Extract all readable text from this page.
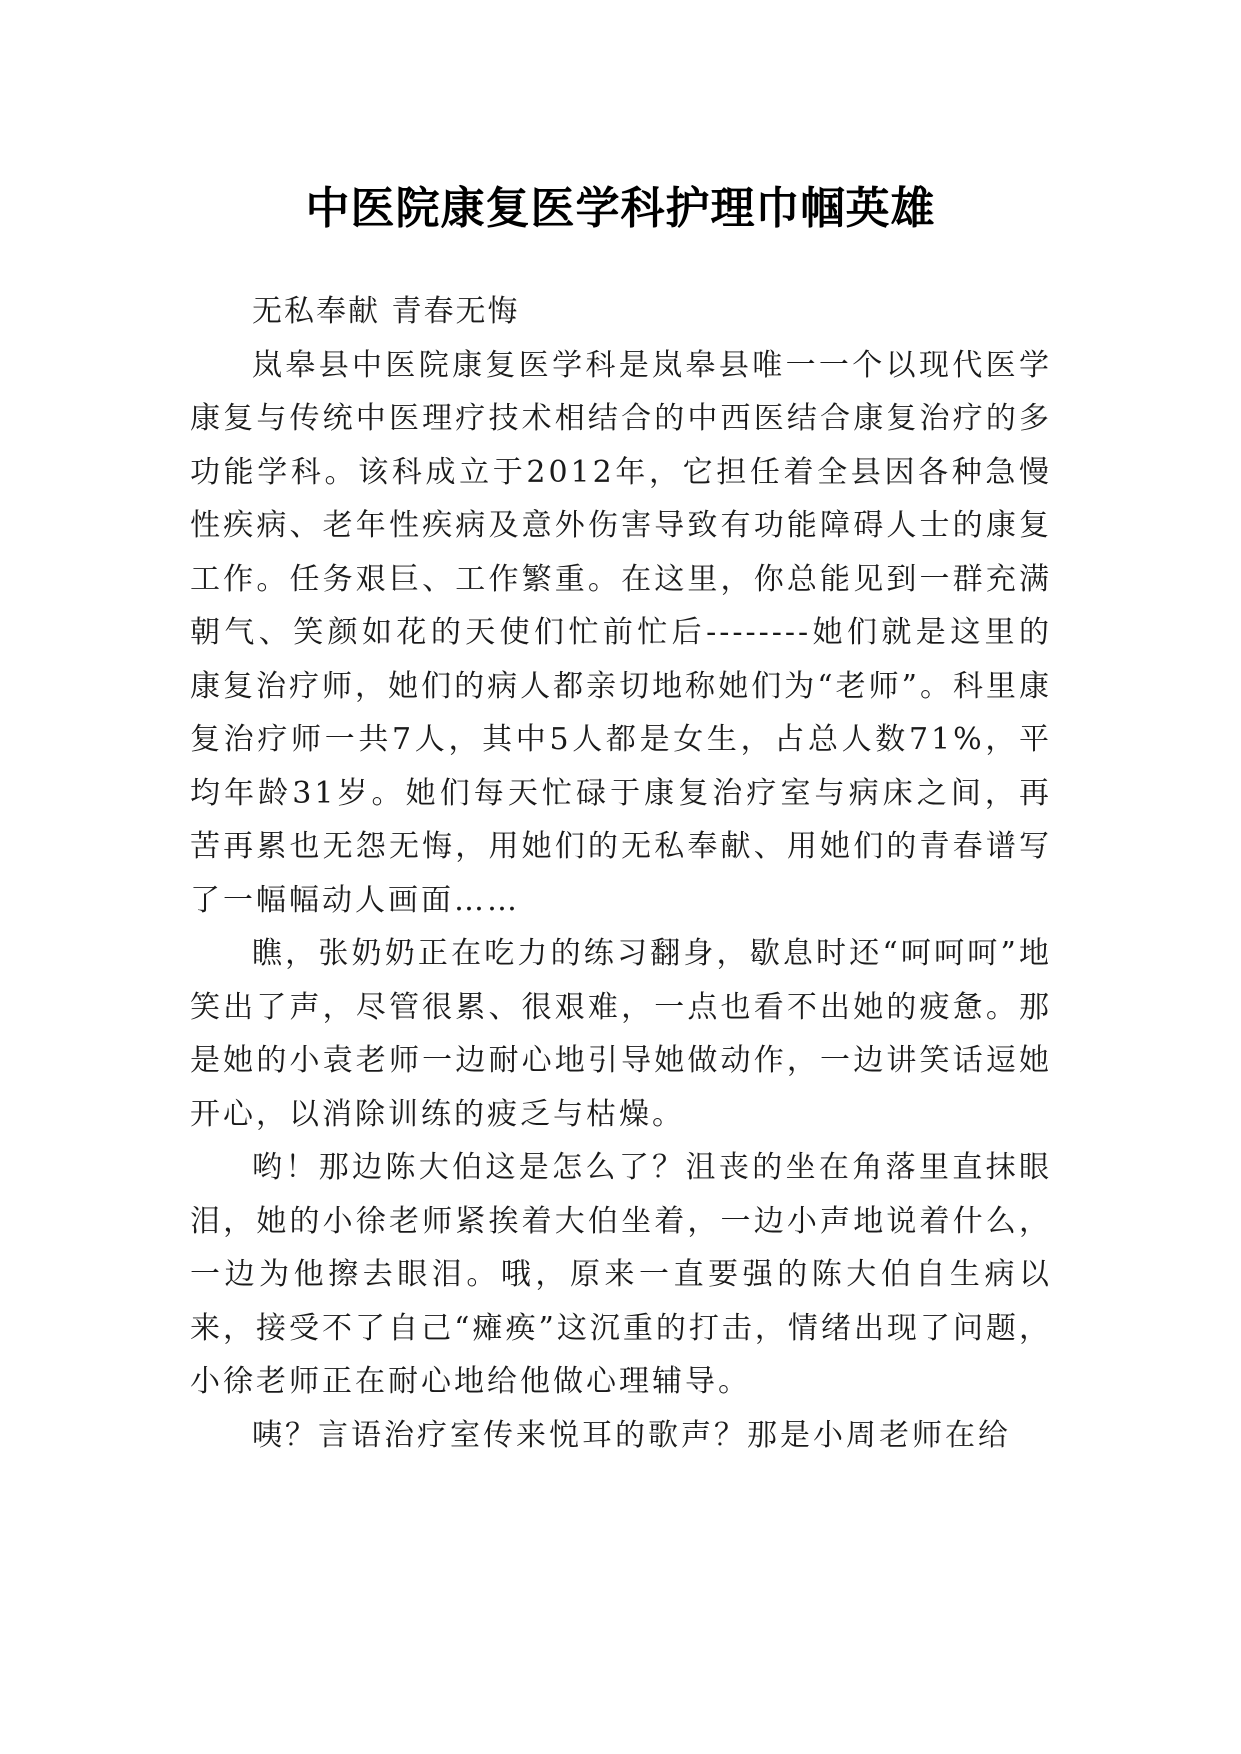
中医院康复医学科护理巾帼英雄

无私奉献 青春无悔

岚皋县中医院康复医学科是岚皋县唯一一个以现代医学康复与传统中医理疗技术相结合的中西医结合康复治疗的多功能学科。该科成立于2012年，它担任着全县因各种急慢性疾病、老年性疾病及意外伤害导致有功能障碍人士的康复工作。任务艰巨、工作繁重。在这里，你总能见到一群充满朝气、笑颜如花的天使们忙前忙后--------她们就是这里的康复治疗师，她们的病人都亲切地称她们为“老师”。科里康复治疗师一共7人，其中5人都是女生，占总人数71%，平均年龄31岁。她们每天忙碌于康复治疗室与病床之间，再苦再累也无怨无悔，用她们的无私奉献、用她们的青春谱写了一幅幅动人画面……

瞧，张奶奶正在吃力的练习翻身，歇息时还“呵呵呵”地笑出了声，尽管很累、很艰难，一点也看不出她的疲惫。那是她的小袁老师一边耐心地引导她做动作，一边讲笑话逗她开心，以消除训练的疲乏与枯燥。

哟！那边陈大伯这是怎么了？沮丧的坐在角落里直抹眼泪，她的小徐老师紧挨着大伯坐着，一边小声地说着什么，一边为他擦去眼泪。哦，原来一直要强的陈大伯自生病以来，接受不了自己“瘫痪”这沉重的打击，情绪出现了问题，小徐老师正在耐心地给他做心理辅导。

咦？言语治疗室传来悦耳的歌声？那是小周老师在给
